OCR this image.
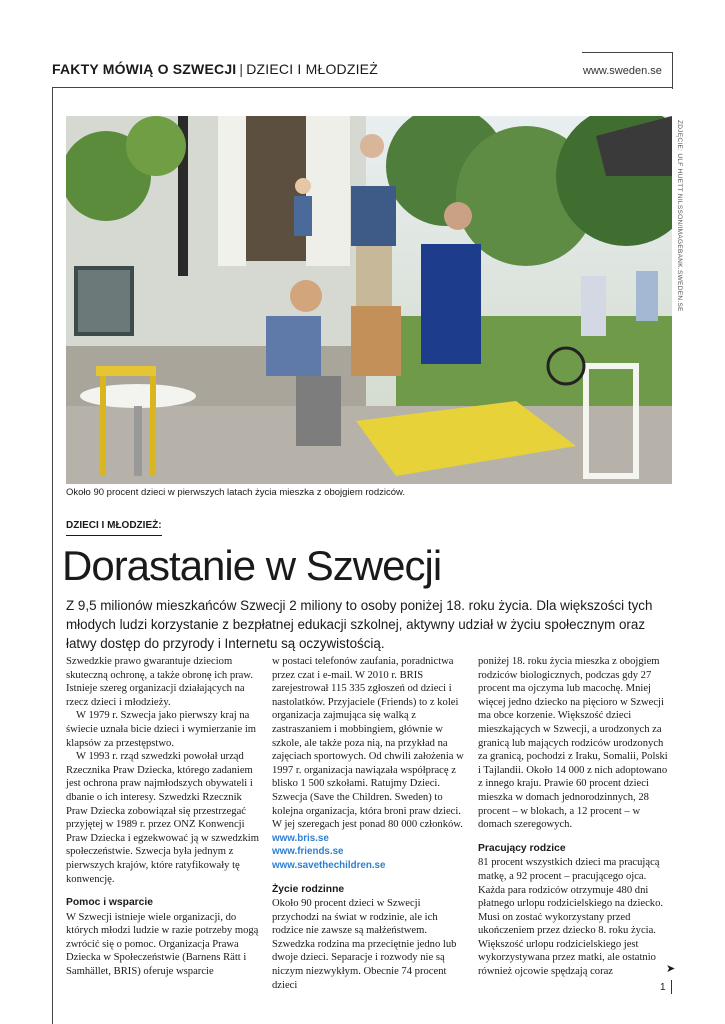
FAKTY MÓWIĄ O SZWECJI | DZIECI I MŁODZIEŻ	www.sweden.se
ZDJĘCIE: ULF HUETT NILSSON/IMAGEBANK.SWEDEN.SE
Około 90 procent dzieci w pierwszych latach życia mieszka z obojgiem rodziców.
DZIECI I MŁODZIEŻ:
Dorastanie w Szwecji
Z 9,5 milionów mieszkańców Szwecji 2 miliony to osoby poniżej 18. roku życia. Dla większości tych młodych ludzi korzystanie z bezpłatnej edukacji szkolnej, aktywny udział w życiu społecznym oraz łatwy dostęp do przyrody i Internetu są oczywistością.

Szwedzkie prawo gwarantuje dzieciom skuteczną ochronę, a także obronę ich praw. Istnieje szereg organizacji działających na rzecz dzieci i młodzieży.

W 1979 r. Szwecja jako pierwszy kraj na świecie uznała bicie dzieci i wymierzanie im klapsów za przestępstwo.

W 1993 r. rząd szwedzki powołał urząd Rzecznika Praw Dziecka, którego zadaniem jest ochrona praw najmłodszych obywateli i dbanie o ich interesy. Szwedzki Rzecznik Praw Dziecka zobowiązał się przestrzegać przyjętej w 1989 r. przez ONZ Konwencji Praw Dziecka i egzekwować ją w szwedzkim społeczeństwie. Szwecja była jednym z pierwszych krajów, które ratyfikowały tę konwencję.

Pomoc i wsparcie

W Szwecji istnieje wiele organizacji, do których młodzi ludzie w razie potrzeby mogą zwrócić się o pomoc. Organizacja Prawa Dziecka w Społeczeństwie (Barnens Rätt i Samhället, BRIS) oferuje wsparcie

w postaci telefonów zaufania, poradnictwa przez czat i e-mail. W 2010 r. BRIS zarejestrował 115 335 zgłoszeń od dzieci i nastolatków. Przyjaciele (Friends) to z kolei organizacja zajmująca się walką z zastraszaniem i mobbingiem, głównie w szkole, ale także poza nią, na przykład na zajęciach sportowych. Od chwili założenia w 1997 r. organizacja nawiązała współpracę z blisko 1 500 szkołami. Ratujmy Dzieci. Szwecja (Save the Children. Sweden) to kolejna organizacja, która broni praw dzieci. W jej szeregach jest ponad 80 000 członków.

www.bris.se
www.friends.se
www.savethechildren.se
Życie rodzinne

Około 90 procent dzieci w Szwecji przychodzi na świat w rodzinie, ale ich rodzice nie zawsze są małżeństwem. Szwedzka rodzina ma przeciętnie jedno lub dwoje dzieci. Separacje i rozwody nie są niczym niezwykłym. Obecnie 74 procent dzieci

poniżej 18. roku życia mieszka z obojgiem rodziców biologicznych, podczas gdy 27 procent ma ojczyma lub macochę. Mniej więcej jedno dziecko na pięcioro w Szwecji ma obce korzenie. Większość dzieci mieszkających w Szwecji, a urodzonych za granicą lub mających rodziców urodzonych za granicą, pochodzi z Iraku, Somalii, Polski i Tajlandii. Około 14 000 z nich adoptowano z innego kraju. Prawie 60 procent dzieci mieszka w domach jednorodzinnych, 28 procent – w blokach, a 12 procent – w domach szeregowych.

Pracujący rodzice

81 procent wszystkich dzieci ma pracującą matkę, a 92 procent – pracującego ojca. Każda para rodziców otrzymuje 480 dni płatnego urlopu rodzicielskiego na dziecko. Musi on zostać wykorzystany przed ukończeniem przez dziecko 8. roku życia. Większość urlopu rodzicielskiego jest wykorzystywana przez matki, ale ostatnio również ojcowie spędzają coraz	➤
1
